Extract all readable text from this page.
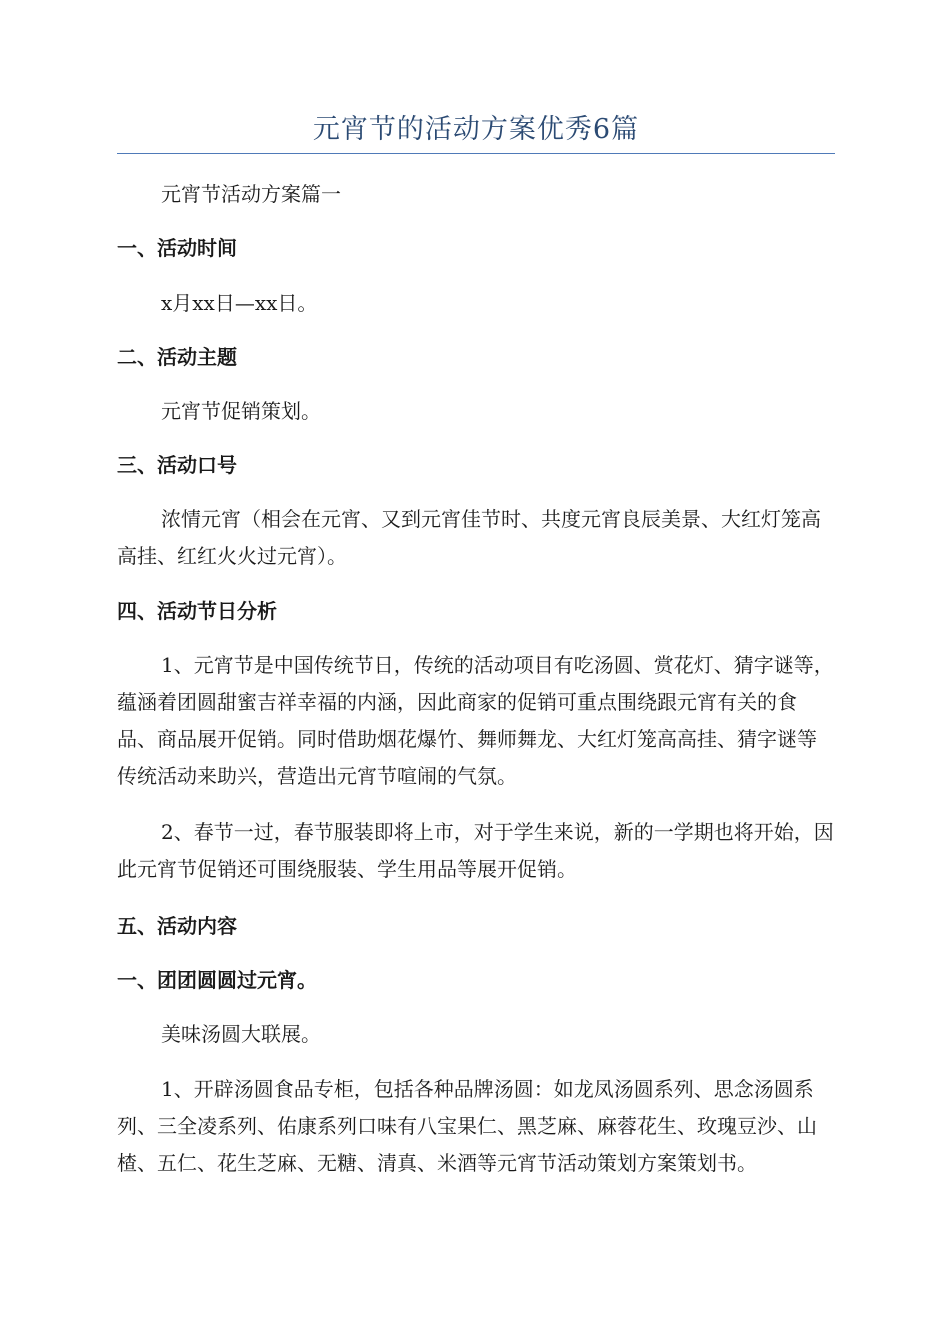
元宵节的活动方案优秀6篇

元宵节活动方案篇一

一、活动时间

x月xx日—xx日。

二、活动主题

元宵节促销策划。

三、活动口号

浓情元宵（相会在元宵、又到元宵佳节时、共度元宵良辰美景、大红灯笼高高挂、红红火火过元宵）。

四、活动节日分析

1、元宵节是中国传统节日，传统的活动项目有吃汤圆、赏花灯、猜字谜等，蕴涵着团圆甜蜜吉祥幸福的内涵，因此商家的促销可重点围绕跟元宵有关的食品、商品展开促销。同时借助烟花爆竹、舞师舞龙、大红灯笼高高挂、猜字谜等传统活动来助兴，营造出元宵节喧闹的气氛。

2、春节一过，春节服装即将上市，对于学生来说，新的一学期也将开始，因此元宵节促销还可围绕服装、学生用品等展开促销。

五、活动内容

一、团团圆圆过元宵。

美味汤圆大联展。

1、开辟汤圆食品专柜，包括各种品牌汤圆：如龙凤汤圆系列、思念汤圆系列、三全凌系列、佑康系列口味有八宝果仁、黑芝麻、麻蓉花生、玫瑰豆沙、山楂、五仁、花生芝麻、无糖、清真、米酒等元宵节活动策划方案策划书。
